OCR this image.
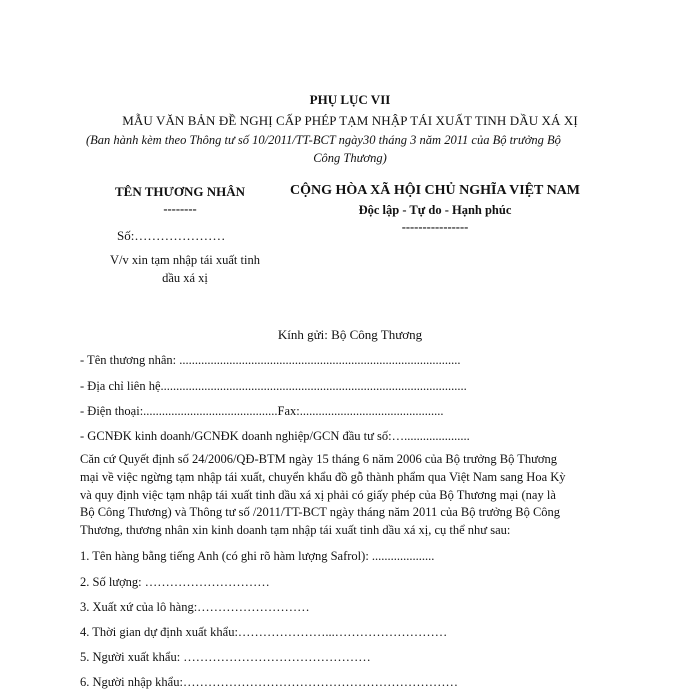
PHỤ LỤC VII
MẪU VĂN BẢN ĐỀ NGHỊ CẤP PHÉP TẠM NHẬP TÁI XUẤT TINH DẦU XÁ XỊ
(Ban hành kèm theo Thông tư số 10/2011/TT-BCT ngày30 tháng 3 năm 2011 của Bộ trưởng Bộ
Công Thương)
TÊN THƯƠNG NHÂN
--------
Số:…………………
V/v xin tạm nhập tái xuất tinh
dầu xá xị
CỘNG HÒA XÃ HỘI CHỦ NGHĨA VIỆT NAM
Độc lập - Tự do - Hạnh phúc
----------------
Kính gửi: Bộ Công Thương
- Tên thương nhân: ..........................................................................................
- Địa chỉ liên hệ..................................................................................................
- Điện thoại:...........................................Fax:..............................................
- GCNĐK kinh doanh/GCNĐK doanh nghiệp/GCN đầu tư số:….....................
Căn cứ Quyết định số 24/2006/QĐ-BTM ngày 15 tháng 6 năm 2006 của Bộ trưởng Bộ Thương
mại về việc ngừng tạm nhập tái xuất, chuyển khẩu đồ gỗ thành phẩm qua Việt Nam sang Hoa Kỳ
và quy định việc tạm nhập tái xuất tinh dầu xá xị phải có giấy phép của Bộ Thương mại (nay là
Bộ Công Thương) và Thông tư số /2011/TT-BCT ngày tháng năm 2011 của Bộ trưởng Bộ Công
Thương, thương nhân xin kinh doanh tạm nhập tái xuất tinh dầu xá xị, cụ thể như sau:
1. Tên hàng bằng tiếng Anh (có ghi rõ hàm lượng Safrol): ....................
2. Số lượng: …………………………
3. Xuất xứ của lô hàng:………………………
4. Thời gian dự định xuất khẩu:…………………...………………………
5. Người xuất khẩu: ………………………………………
6. Người nhập khẩu:…………………………………………………………
